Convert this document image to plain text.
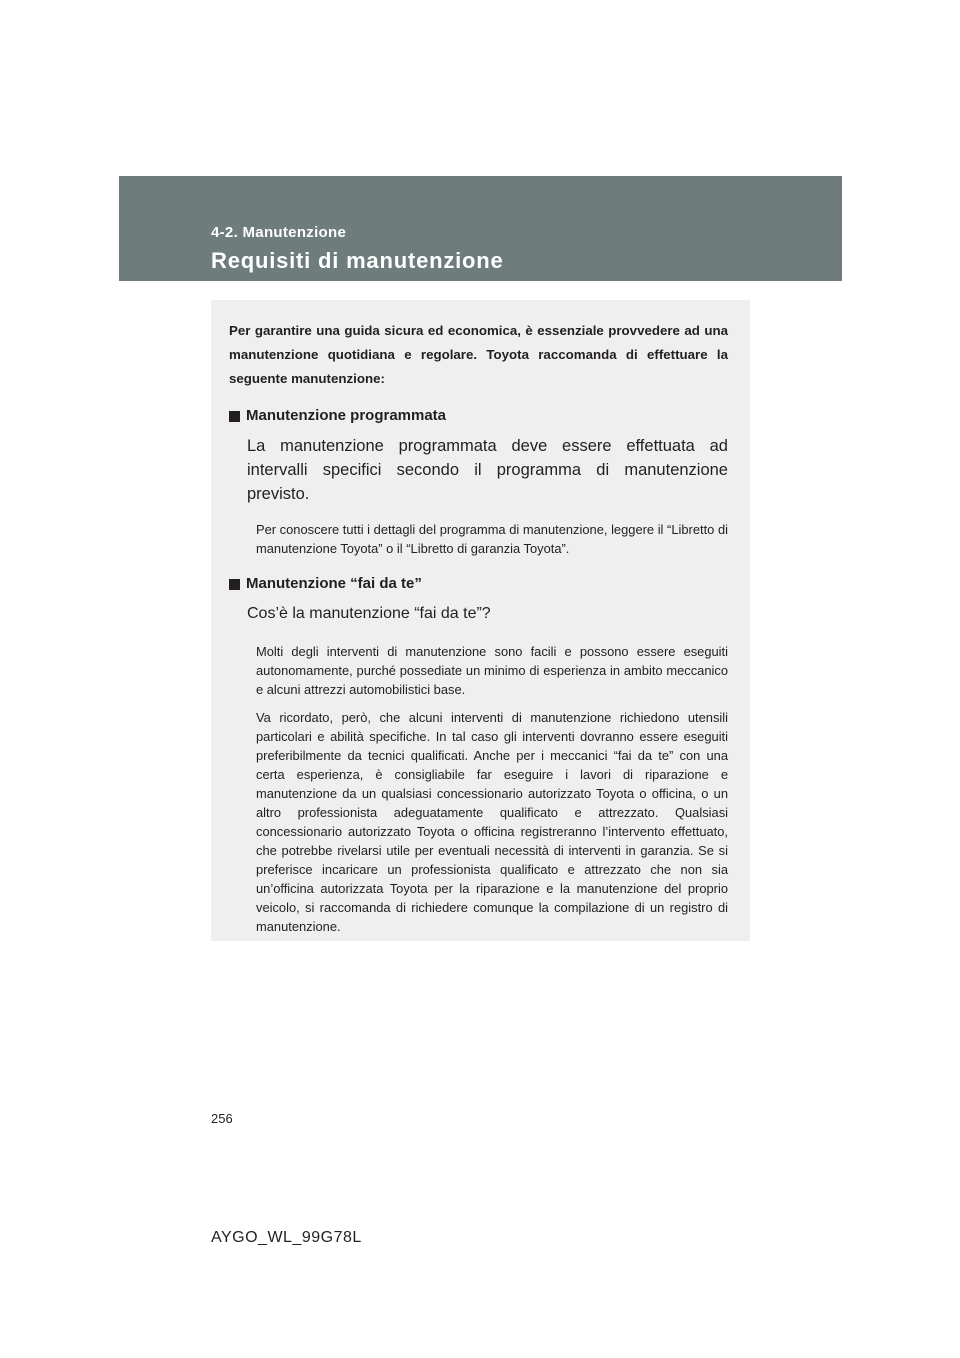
4-2. Manutenzione
Requisiti di manutenzione

Per garantire una guida sicura ed economica, è essenziale provvedere ad una manutenzione quotidiana e regolare. Toyota raccomanda di effettuare la seguente manutenzione:

Manutenzione programmata

La manutenzione programmata deve essere effettuata ad intervalli specifici secondo il programma di manutenzione previsto.

Per conoscere tutti i dettagli del programma di manutenzione, leggere il “Libretto di manutenzione Toyota” o il “Libretto di garanzia Toyota”.

Manutenzione “fai da te”

Cos’è la manutenzione “fai da te”?

Molti degli interventi di manutenzione sono facili e possono essere eseguiti autonomamente, purché possediate un minimo di esperienza in ambito meccanico e alcuni attrezzi automobilistici base.

Va ricordato, però, che alcuni interventi di manutenzione richiedono utensili particolari e abilità specifiche. In tal caso gli interventi dovranno essere eseguiti preferibilmente da tecnici qualificati. Anche per i meccanici “fai da te” con una certa esperienza, è consigliabile far eseguire i lavori di riparazione e manutenzione da un qualsiasi concessionario autorizzato Toyota o officina, o un altro professionista adeguatamente qualificato e attrezzato. Qualsiasi concessionario autorizzato Toyota o officina registreranno l’intervento effettuato, che potrebbe rivelarsi utile per eventuali necessità di interventi in garanzia. Se si preferisce incaricare un professionista qualificato e attrezzato che non sia un’officina autorizzata Toyota per la riparazione e la manutenzione del proprio veicolo, si raccomanda di richiedere comunque la compilazione di un registro di manutenzione.

256
AYGO_WL_99G78L
